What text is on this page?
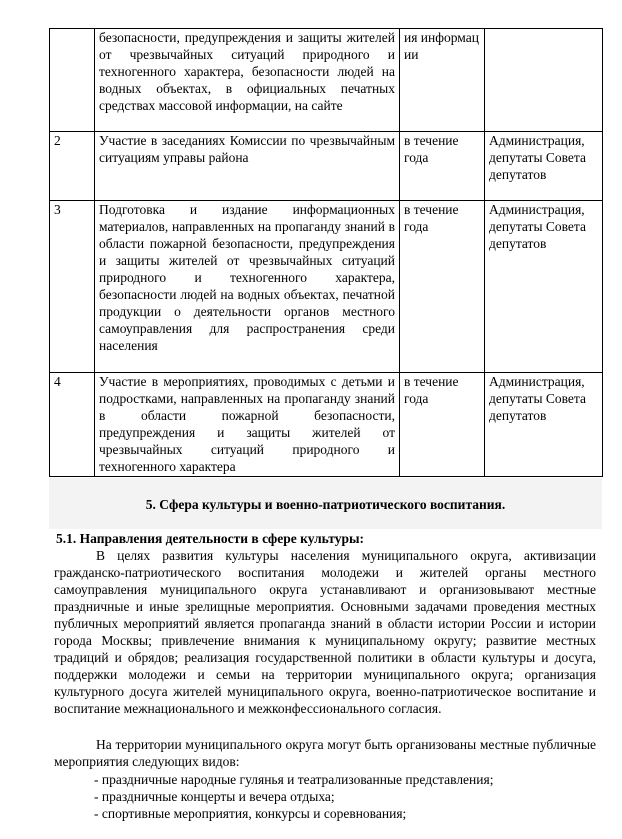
	безопасности, предупреждения и защиты жителей от чрезвычайных ситуаций природного и техногенного характера, безопасности людей на водных объектах, в официальных печатных средствах массовой информации, на сайте	ия информац ии	
2	Участие в заседаниях Комиссии по чрезвычайным ситуациям управы района	в течение года	Администрация, депутаты Совета депутатов
3	Подготовка и издание информационных материалов, направленных на пропаганду знаний в области пожарной безопасности, предупреждения и защиты жителей от чрезвычайных ситуаций природного и техногенного характера, безопасности людей на водных объектах, печатной продукции о деятельности органов местного самоуправления для распространения среди населения	в течение года	Администрация, депутаты Совета депутатов
4	Участие в мероприятиях, проводимых с детьми и подростками, направленных на пропаганду знаний в области пожарной безопасности, предупреждения и защиты жителей от чрезвычайных ситуаций природного и техногенного характера	в течение года	Администрация, депутаты Совета депутатов
5. Сфера культуры и военно-патриотического воспитания.
5.1. Направления деятельности в сфере культуры:

В целях развития культуры населения муниципального округа, активизации гражданско-патриотического воспитания молодежи и жителей органы местного самоуправления муниципального округа устанавливают и организовывают местные праздничные и иные зрелищные мероприятия. Основными задачами проведения местных публичных мероприятий является пропаганда знаний в области истории России и истории города Москвы; привлечение внимания к муниципальному округу; развитие местных традиций и обрядов; реализация государственной политики в области культуры и досуга, поддержки молодежи и семьи на территории муниципального округа; организация культурного досуга жителей муниципального округа, военно-патриотическое воспитание и воспитание межнационального и межконфессионального согласия.

На территории муниципального округа могут быть организованы местные публичные мероприятия следующих видов:

- праздничные народные гулянья и театрализованные представления;
- праздничные концерты и вечера отдыха;
- спортивные мероприятия, конкурсы и соревнования;
